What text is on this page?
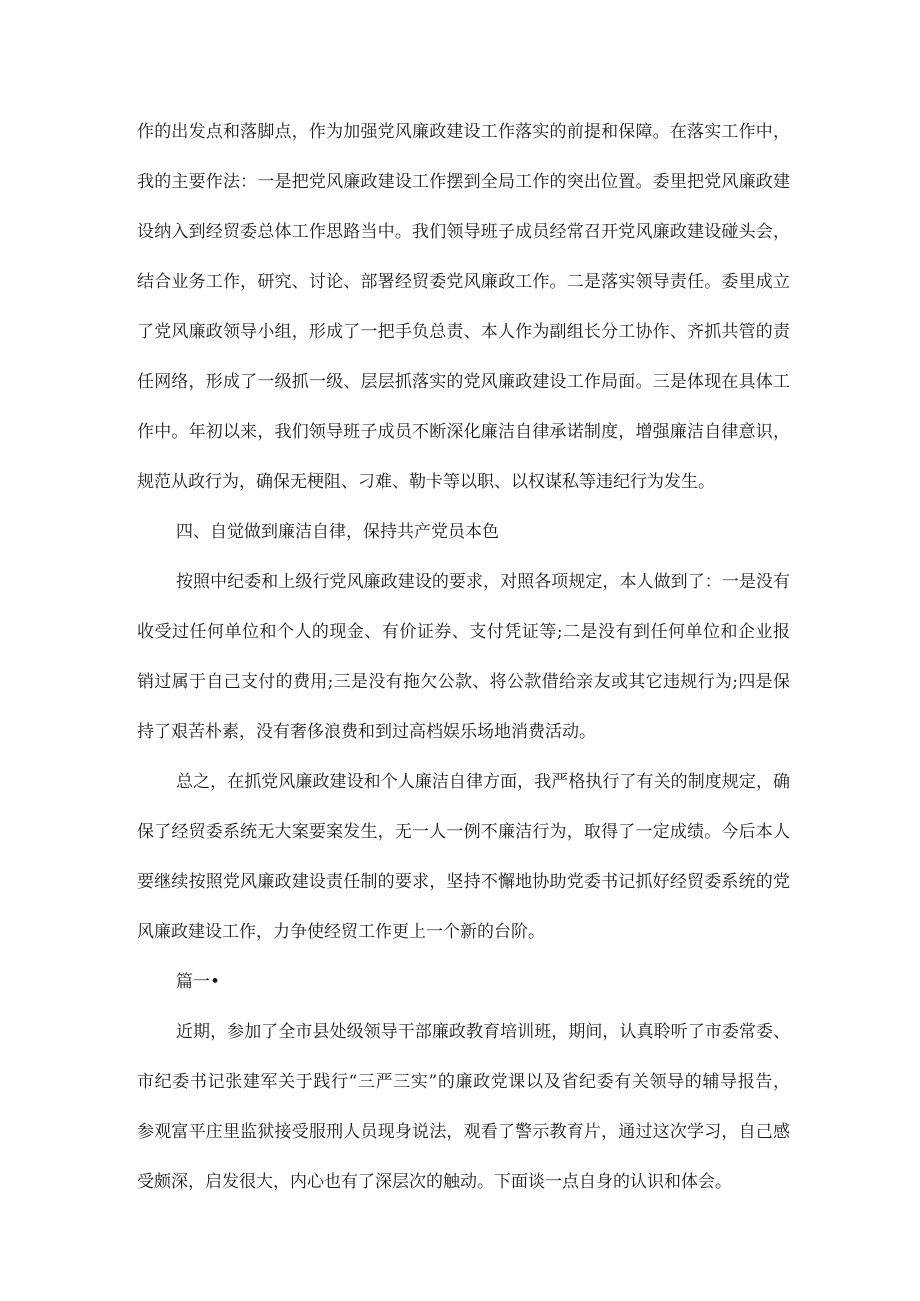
作的出发点和落脚点，作为加强党风廉政建设工作落实的前提和保障。在落实工作中，
我的主要作法：一是把党风廉政建设工作摆到全局工作的突出位置。委里把党风廉政建
设纳入到经贸委总体工作思路当中。我们领导班子成员经常召开党风廉政建设碰头会，
结合业务工作，研究、讨论、部署经贸委党风廉政工作。二是落实领导责任。委里成立
了党风廉政领导小组，形成了一把手负总责、本人作为副组长分工协作、齐抓共管的责
任网络，形成了一级抓一级、层层抓落实的党风廉政建设工作局面。三是体现在具体工
作中。年初以来，我们领导班子成员不断深化廉洁自律承诺制度，增强廉洁自律意识，
规范从政行为，确保无梗阻、刁难、勒卡等以职、以权谋私等违纪行为发生。
四、自觉做到廉洁自律，保持共产党员本色
按照中纪委和上级行党风廉政建设的要求，对照各项规定，本人做到了：一是没有
收受过任何单位和个人的现金、有价证券、支付凭证等;二是没有到任何单位和企业报
销过属于自己支付的费用;三是没有拖欠公款、将公款借给亲友或其它违规行为;四是保
持了艰苦朴素，没有奢侈浪费和到过高档娱乐场地消费活动。
总之，在抓党风廉政建设和个人廉洁自律方面，我严格执行了有关的制度规定，确
保了经贸委系统无大案要案发生，无一人一例不廉洁行为，取得了一定成绩。今后本人
要继续按照党风廉政建设责任制的要求，坚持不懈地协助党委书记抓好经贸委系统的党
风廉政建设工作，力争使经贸工作更上一个新的台阶。
篇一•
近期，参加了全市县处级领导干部廉政教育培训班，期间，认真聆听了市委常委、
市纪委书记张建军关于践行“三严三实”的廉政党课以及省纪委有关领导的辅导报告，
参观富平庄里监狱接受服刑人员现身说法，观看了警示教育片，通过这次学习，自己感
受颇深，启发很大，内心也有了深层次的触动。下面谈一点自身的认识和体会。
